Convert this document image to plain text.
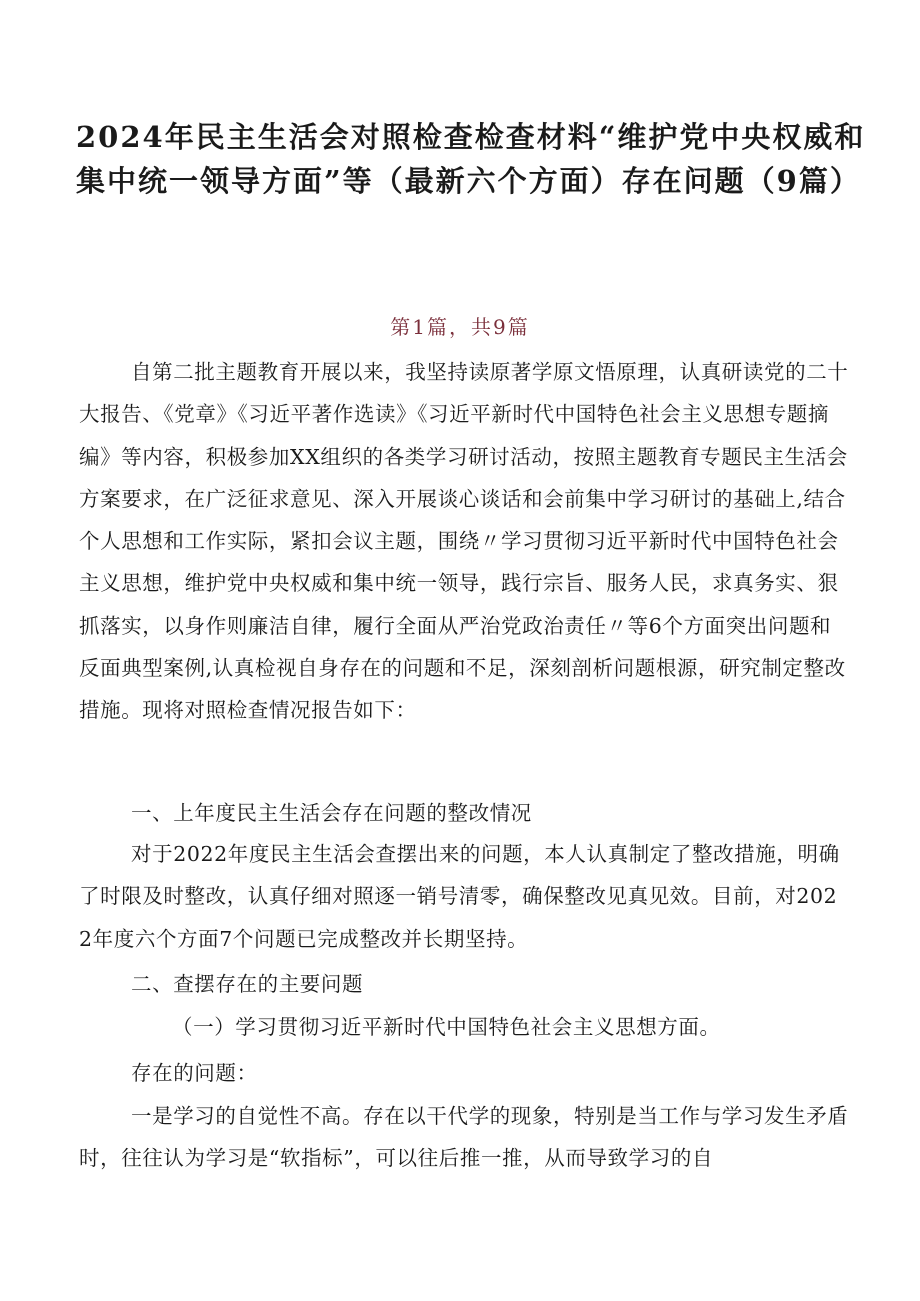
2024年民主生活会对照检查检查材料“维护党中央权威和集中统一领导方面”等（最新六个方面）存在问题（9篇）
第1篇，共9篇

自第二批主题教育开展以来，我坚持读原著学原文悟原理，认真研读党的二十大报告、《党章》《习近平著作选读》《习近平新时代中国特色社会主义思想专题摘编》等内容，积极参加XX组织的各类学习研讨活动，按照主题教育专题民主生活会方案要求，在广泛征求意见、深入开展谈心谈话和会前集中学习研讨的基础上,结合个人思想和工作实际，紧扣会议主题，围绕〃学习贯彻习近平新时代中国特色社会主义思想，维护党中央权威和集中统一领导，践行宗旨、服务人民，求真务实、狠抓落实，以身作则廉洁自律，履行全面从严治党政治责任〃等6个方面突出问题和反面典型案例,认真检视自身存在的问题和不足，深刻剖析问题根源，研究制定整改措施。现将对照检查情况报告如下：

一、上年度民主生活会存在问题的整改情况

对于2022年度民主生活会查摆出来的问题，本人认真制定了整改措施，明确了时限及时整改，认真仔细对照逐一销号清零，确保整改见真见效。目前，对2022年度六个方面7个问题已完成整改并长期坚持。

二、查摆存在的主要问题

（一）学习贯彻习近平新时代中国特色社会主义思想方面。

存在的问题：

一是学习的自觉性不高。存在以干代学的现象，特别是当工作与学习发生矛盾时，往往认为学习是“软指标”，可以往后推一推，从而导致学习的自
